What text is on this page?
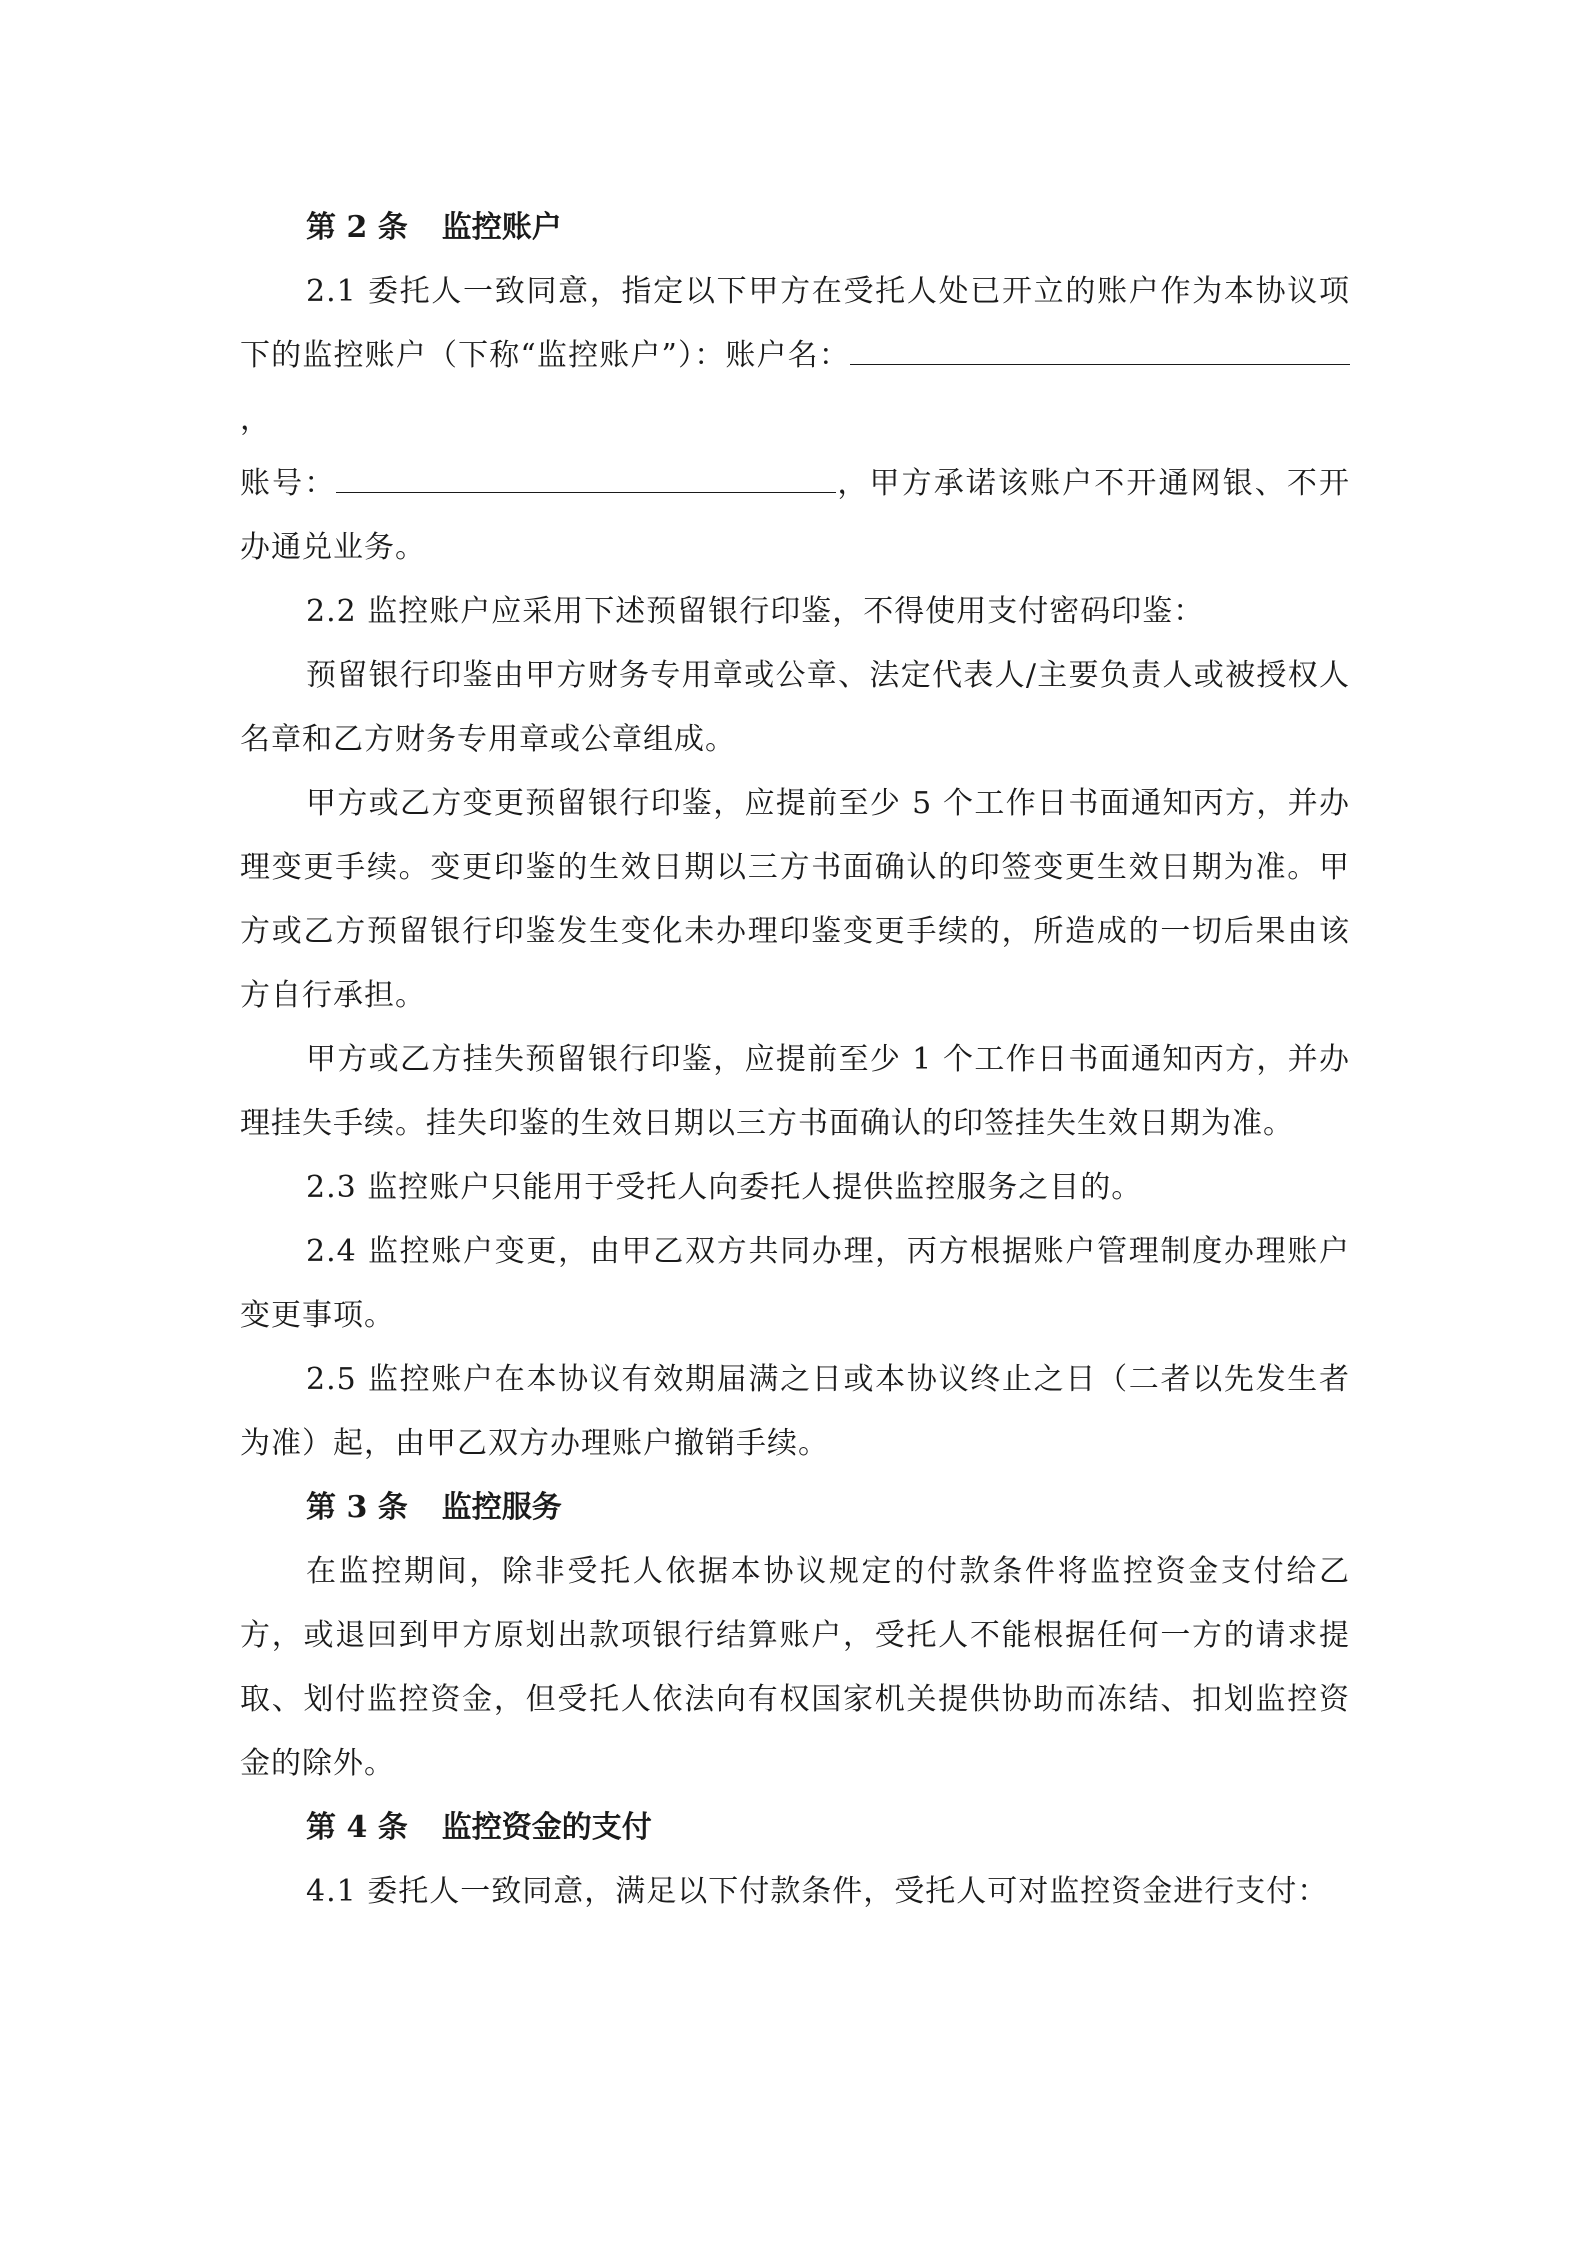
第 2 条 监控账户

2.1 委托人一致同意，指定以下甲方在受托人处已开立的账户作为本协议项下的监控账户（下称“监控账户”）：账户名：，
账号：	，甲方承诺该账户不开通网银、不开办通兑业务。

2.2 监控账户应采用下述预留银行印鉴，不得使用支付密码印鉴：

预留银行印鉴由甲方财务专用章或公章、法定代表人/主要负责人或被授权人名章和乙方财务专用章或公章组成。

甲方或乙方变更预留银行印鉴，应提前至少 5 个工作日书面通知丙方，并办理变更手续。变更印鉴的生效日期以三方书面确认的印签变更生效日期为准。甲方或乙方预留银行印鉴发生变化未办理印鉴变更手续的，所造成的一切后果由该方自行承担。

甲方或乙方挂失预留银行印鉴，应提前至少 1 个工作日书面通知丙方，并办理挂失手续。挂失印鉴的生效日期以三方书面确认的印签挂失生效日期为准。

2.3 监控账户只能用于受托人向委托人提供监控服务之目的。

2.4 监控账户变更，由甲乙双方共同办理，丙方根据账户管理制度办理账户变更事项。

2.5 监控账户在本协议有效期届满之日或本协议终止之日（二者以先发生者为准）起，由甲乙双方办理账户撤销手续。

第 3 条 监控服务

在监控期间，除非受托人依据本协议规定的付款条件将监控资金支付给乙方，或退回到甲方原划出款项银行结算账户，受托人不能根据任何一方的请求提取、划付监控资金，但受托人依法向有权国家机关提供协助而冻结、扣划监控资金的除外。

第 4 条 监控资金的支付

4.1 委托人一致同意，满足以下付款条件，受托人可对监控资金进行支付：
